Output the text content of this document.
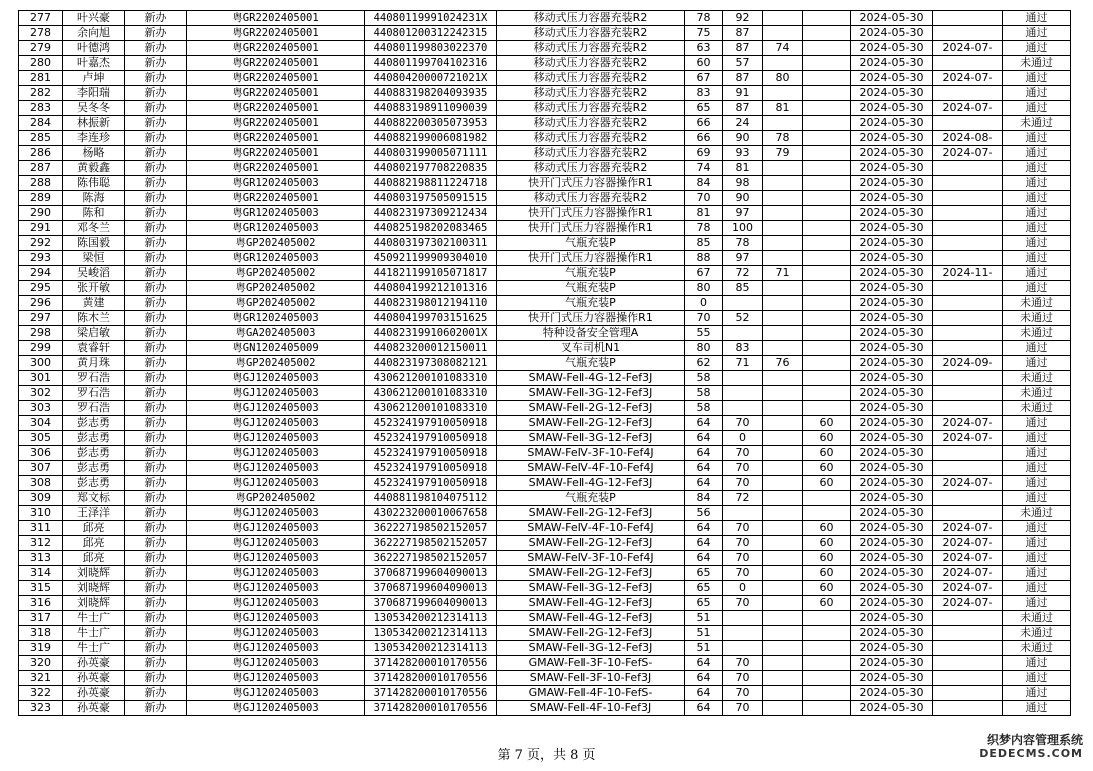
277	叶兴豪	新办	粤GR2202405001	44080119991024231X	移动式压力容器充装R2	78	92			2024-05-30		通过
278	余向旭	新办	粤GR2202405001	440801200312242315	移动式压力容器充装R2	75	87			2024-05-30		通过
279	叶德鸿	新办	粤GR2202405001	440801199803022370	移动式压力容器充装R2	63	87	74		2024-05-30	2024-07-	通过
280	叶嘉杰	新办	粤GR2202405001	440801199704102316	移动式压力容器充装R2	60	57			2024-05-30		未通过
281	卢坤	新办	粤GR2202405001	44080420000721021X	移动式压力容器充装R2	67	87	80		2024-05-30	2024-07-	通过
282	李阳瑞	新办	粤GR2202405001	440883198204093935	移动式压力容器充装R2	83	91			2024-05-30		通过
283	吴冬冬	新办	粤GR2202405001	440883198911090039	移动式压力容器充装R2	65	87	81		2024-05-30	2024-07-	通过
284	林振新	新办	粤GR2202405001	440882200305073953	移动式压力容器充装R2	66	24			2024-05-30		未通过
285	李连珍	新办	粤GR2202405001	440882199006081982	移动式压力容器充装R2	66	90	78		2024-05-30	2024-08-	通过
286	杨略	新办	粤GR2202405001	440803199005071111	移动式压力容器充装R2	69	93	79		2024-05-30	2024-07-	通过
287	黄毅鑫	新办	粤GR2202405001	440802197708220835	移动式压力容器充装R2	74	81			2024-05-30		通过
288	陈伟聪	新办	粤GR1202405003	440882198811224718	快开门式压力容器操作R1	84	98			2024-05-30		通过
289	陈海	新办	粤GR2202405001	440803197505091515	移动式压力容器充装R2	70	90			2024-05-30		通过
290	陈和	新办	粤GR1202405003	440823197309212434	快开门式压力容器操作R1	81	97			2024-05-30		通过
291	邓冬兰	新办	粤GR1202405003	440825198202083465	快开门式压力容器操作R1	78	100			2024-05-30		通过
292	陈国毅	新办	粤GP202405002	440803197302100311	气瓶充装P	85	78			2024-05-30		通过
293	梁恒	新办	粤GR1202405003	450921199909304010	快开门式压力容器操作R1	88	97			2024-05-30		通过
294	吴峻滔	新办	粤GP202405002	441821199105071817	气瓶充装P	67	72	71		2024-05-30	2024-11-	通过
295	张开敏	新办	粤GP202405002	440804199212101316	气瓶充装P	80	85			2024-05-30		通过
296	黄建	新办	粤GP202405002	440823198012194110	气瓶充装P	0				2024-05-30		未通过
297	陈木兰	新办	粤GR1202405003	440804199703151625	快开门式压力容器操作R1	70	52			2024-05-30		未通过
298	梁启敏	新办	粤GA202405003	44082319910602001X	特种设备安全管理A	55				2024-05-30		未通过
299	袁睿轩	新办	粤GN1202405009	440823200012150011	叉车司机N1	80	83			2024-05-30		通过
300	黄月珠	新办	粤GP202405002	440823197308082121	气瓶充装P	62	71	76		2024-05-30	2024-09-	通过
301	罗石浩	新办	粤GJ1202405003	430621200101083310	SMAW-FeⅡ-4G-12-Fef3J	58				2024-05-30		未通过
302	罗石浩	新办	粤GJ1202405003	430621200101083310	SMAW-FeⅡ-3G-12-Fef3J	58				2024-05-30		未通过
303	罗石浩	新办	粤GJ1202405003	430621200101083310	SMAW-FeⅡ-2G-12-Fef3J	58				2024-05-30		未通过
304	彭志勇	新办	粤GJ1202405003	452324197910050918	SMAW-FeⅡ-2G-12-Fef3J	64	70		60	2024-05-30	2024-07-	通过
305	彭志勇	新办	粤GJ1202405003	452324197910050918	SMAW-FeⅡ-3G-12-Fef3J	64	0		60	2024-05-30	2024-07-	通过
306	彭志勇	新办	粤GJ1202405003	452324197910050918	SMAW-FeⅣ-3F-10-Fef4J	64	70		60	2024-05-30		通过
307	彭志勇	新办	粤GJ1202405003	452324197910050918	SMAW-FeⅣ-4F-10-Fef4J	64	70		60	2024-05-30		通过
308	彭志勇	新办	粤GJ1202405003	452324197910050918	SMAW-FeⅡ-4G-12-Fef3J	64	70		60	2024-05-30	2024-07-	通过
309	郑文标	新办	粤GP202405002	440881198104075112	气瓶充装P	84	72			2024-05-30		通过
310	王泽洋	新办	粤GJ1202405003	430223200010067658	SMAW-FeⅡ-2G-12-Fef3J	56				2024-05-30		未通过
311	邱亮	新办	粤GJ1202405003	362227198502152057	SMAW-FeⅣ-4F-10-Fef4J	64	70		60	2024-05-30	2024-07-	通过
312	邱亮	新办	粤GJ1202405003	362227198502152057	SMAW-FeⅡ-2G-12-Fef3J	64	70		60	2024-05-30	2024-07-	通过
313	邱亮	新办	粤GJ1202405003	362227198502152057	SMAW-FeⅣ-3F-10-Fef4J	64	70		60	2024-05-30	2024-07-	通过
314	刘晓辉	新办	粤GJ1202405003	370687199604090013	SMAW-FeⅡ-2G-12-Fef3J	65	70		60	2024-05-30	2024-07-	通过
315	刘晓辉	新办	粤GJ1202405003	370687199604090013	SMAW-FeⅡ-3G-12-Fef3J	65	0		60	2024-05-30	2024-07-	通过
316	刘晓辉	新办	粤GJ1202405003	370687199604090013	SMAW-FeⅡ-4G-12-Fef3J	65	70		60	2024-05-30	2024-07-	通过
317	牛士广	新办	粤GJ1202405003	130534200212314113	SMAW-FeⅡ-4G-12-Fef3J	51				2024-05-30		未通过
318	牛士广	新办	粤GJ1202405003	130534200212314113	SMAW-FeⅡ-2G-12-Fef3J	51				2024-05-30		未通过
319	牛士广	新办	粤GJ1202405003	130534200212314113	SMAW-FeⅡ-3G-12-Fef3J	51				2024-05-30		未通过
320	孙英豪	新办	粤GJ1202405003	371428200010170556	GMAW-FeⅡ-3F-10-FefS-	64	70			2024-05-30		通过
321	孙英豪	新办	粤GJ1202405003	371428200010170556	SMAW-FeⅡ-3F-10-Fef3J	64	70			2024-05-30		通过
322	孙英豪	新办	粤GJ1202405003	371428200010170556	GMAW-FeⅡ-4F-10-FefS-	64	70			2024-05-30		通过
323	孙英豪	新办	粤GJ1202405003	371428200010170556	SMAW-FeⅡ-4F-10-Fef3J	64	70			2024-05-30		通过
第 7 页，共 8 页
织梦内容管理系统
DEDECMS.COM
